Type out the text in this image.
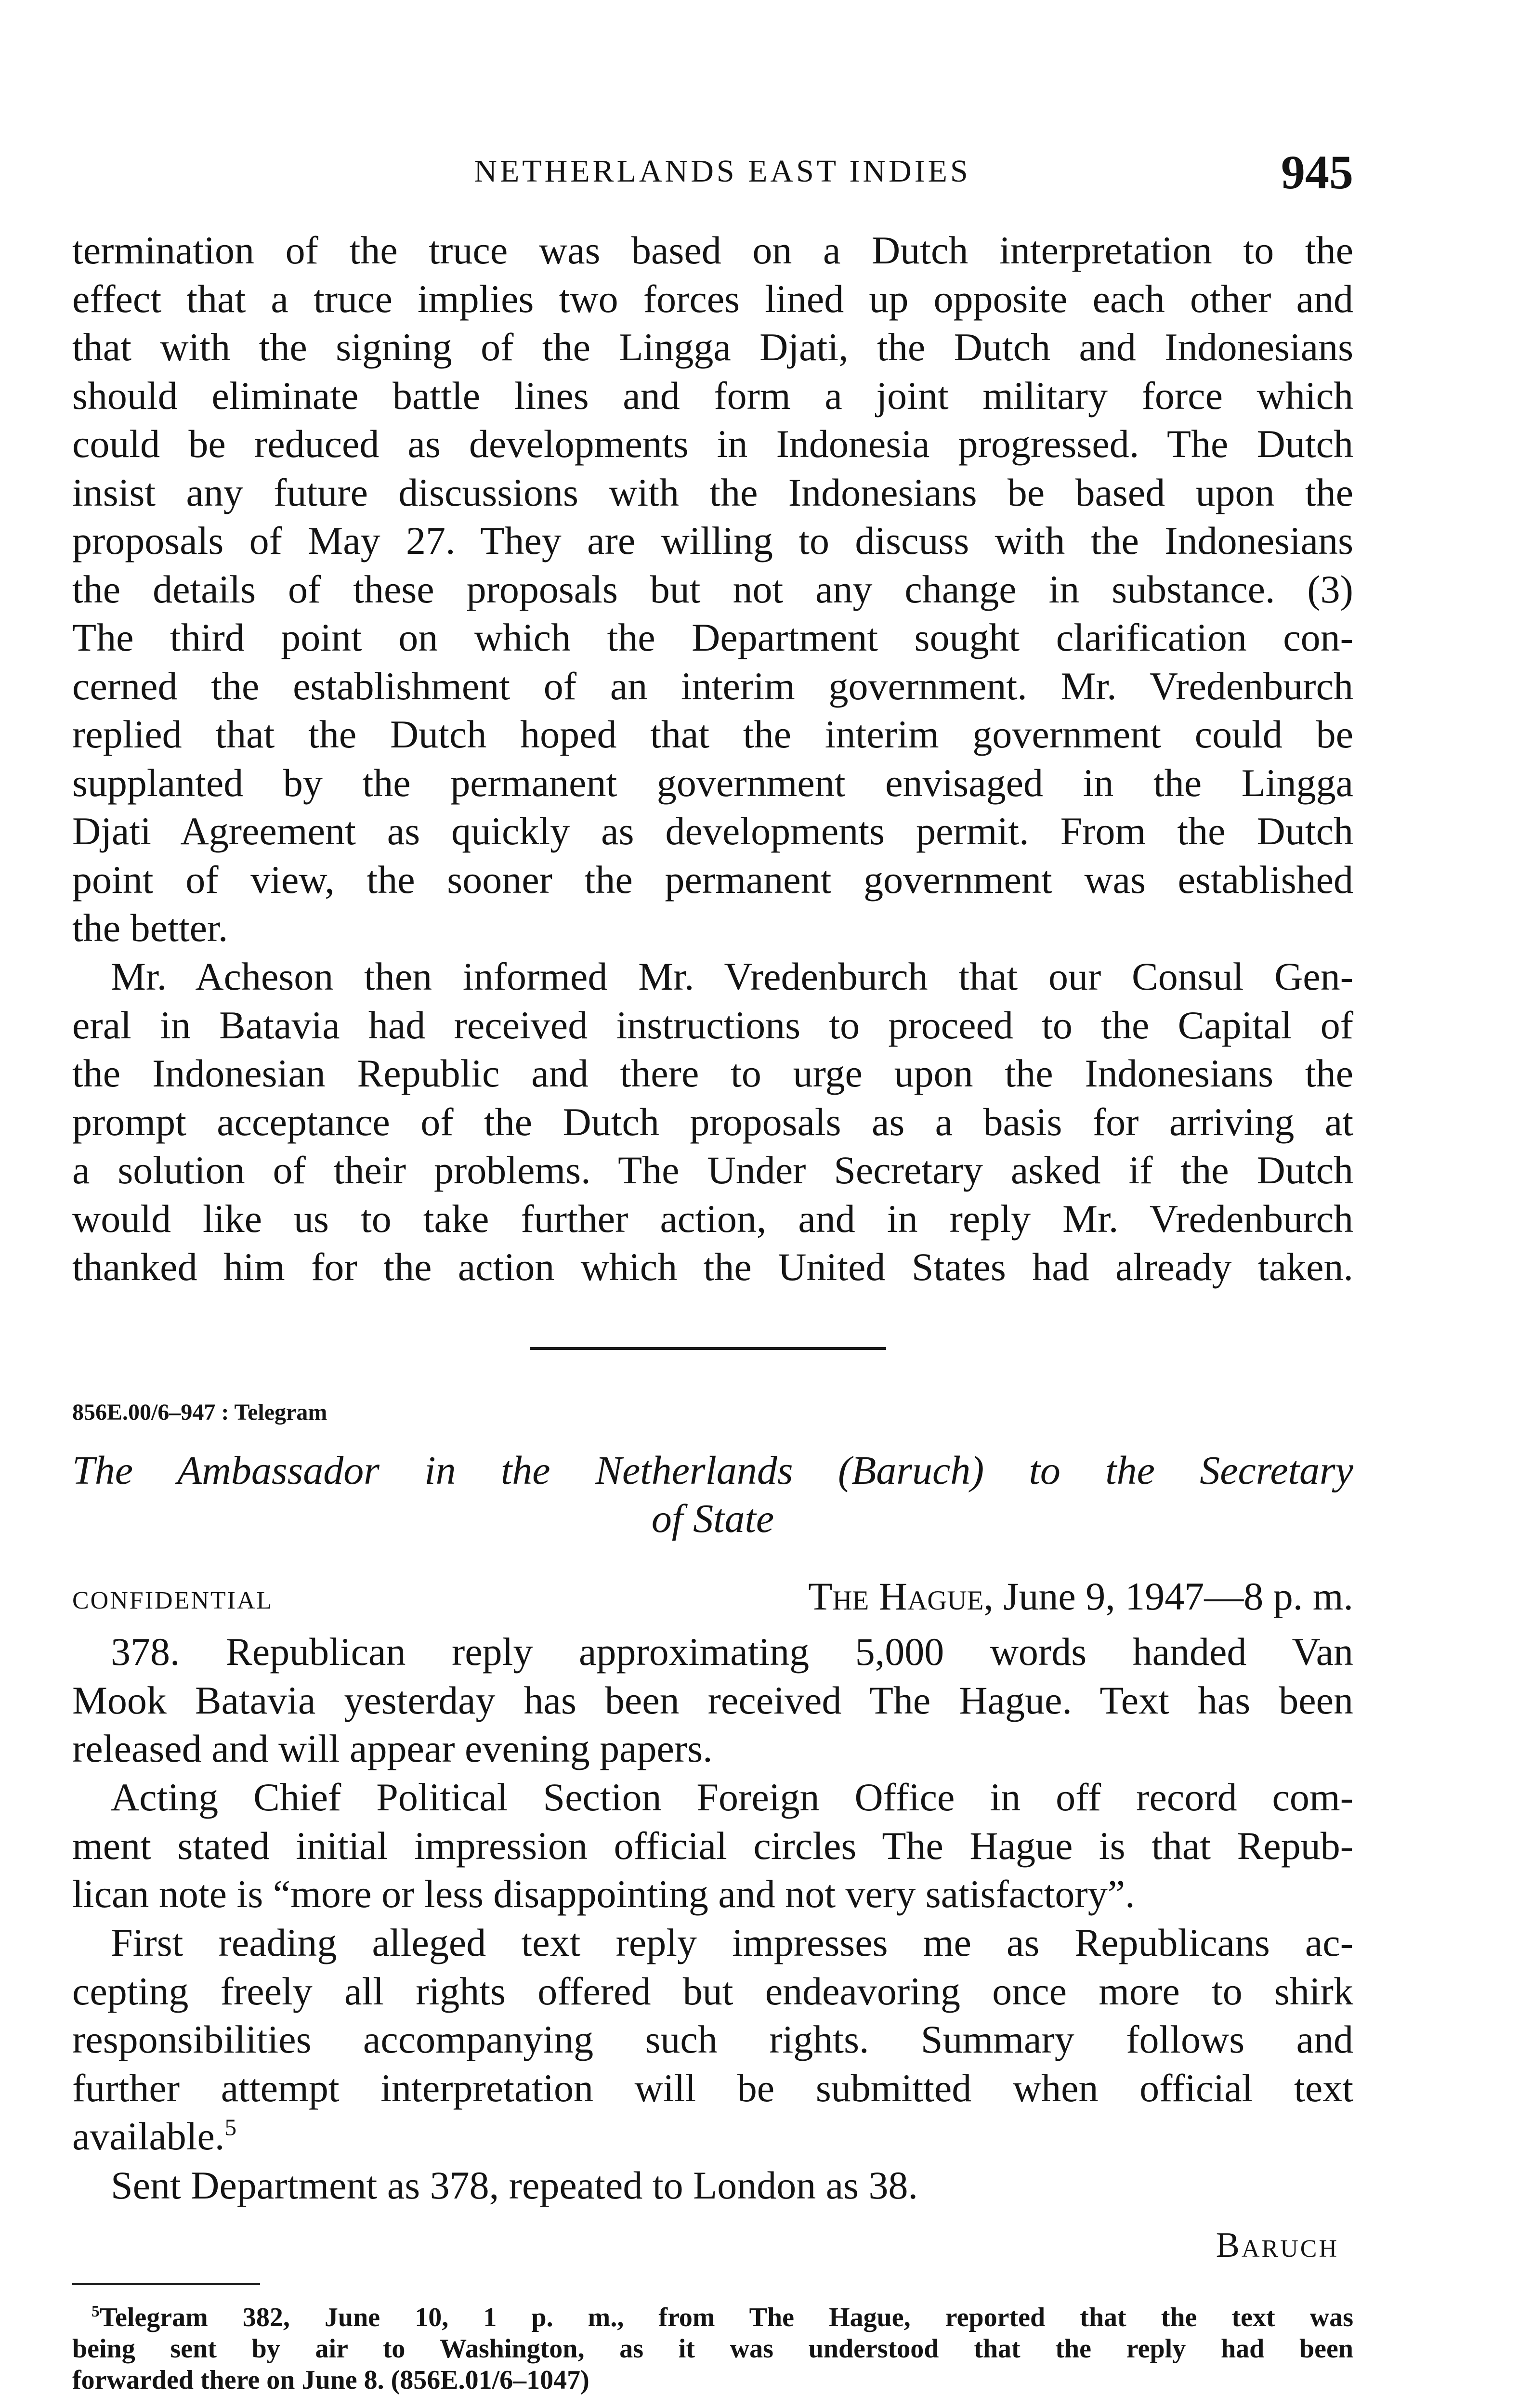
NETHERLANDS EAST INDIES	945
termination of the truce was based on a Dutch interpretation to the
effect that a truce implies two forces lined up opposite each other and
that with the signing of the Lingga Djati, the Dutch and Indonesians
should eliminate battle lines and form a joint military force which
could be reduced as developments in Indonesia progressed. The Dutch
insist any future discussions with the Indonesians be based upon the
proposals of May 27. They are willing to discuss with the Indonesians
the details of these proposals but not any change in substance. (3)
The third point on which the Department sought clarification con-
cerned the establishment of an interim government. Mr. Vredenburch
replied that the Dutch hoped that the interim government could be
supplanted by the permanent government envisaged in the Lingga
Djati Agreement as quickly as developments permit. From the Dutch
point of view, the sooner the permanent government was established
the better.
Mr. Acheson then informed Mr. Vredenburch that our Consul Gen-
eral in Batavia had received instructions to proceed to the Capital of
the Indonesian Republic and there to urge upon the Indonesians the
prompt acceptance of the Dutch proposals as a basis for arriving at
a solution of their problems. The Under Secretary asked if the Dutch
would like us to take further action, and in reply Mr. Vredenburch
thanked him for the action which the United States had already taken.
856E.00/6–947 : Telegram
The Ambassador in the Netherlands (Baruch) to the Secretary
of State
CONFIDENTIAL	The Hague, June 9, 1947—8 p. m.
378. Republican reply approximating 5,000 words handed Van
Mook Batavia yesterday has been received The Hague. Text has been
released and will appear evening papers.
Acting Chief Political Section Foreign Office in off record com-
ment stated initial impression official circles The Hague is that Repub-
lican note is “more or less disappointing and not very satisfactory”.
First reading alleged text reply impresses me as Republicans ac-
cepting freely all rights offered but endeavoring once more to shirk
responsibilities accompanying such rights. Summary follows and
further attempt interpretation will be submitted when official text
available.$^5$
Sent Department as 378, repeated to London as 38.
Baruch
$^5$Telegram 382, June 10, 1 p. m., from The Hague, reported that the text was
being sent by air to Washington, as it was understood that the reply had been
forwarded there on June 8. (856E.01/6–1047)
